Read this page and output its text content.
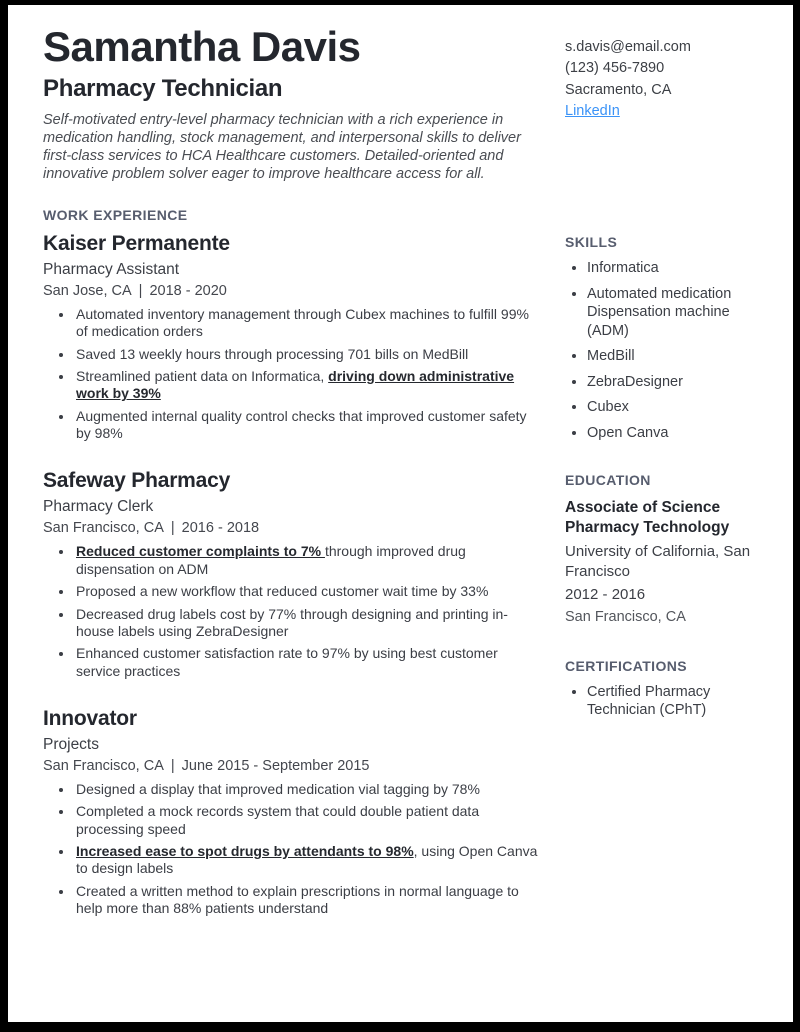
Samantha Davis
Pharmacy Technician
Self-motivated entry-level pharmacy technician with a rich experience in medication handling, stock management, and interpersonal skills to deliver first-class services to HCA Healthcare customers. Detailed-oriented and innovative problem solver eager to improve healthcare access for all.
WORK EXPERIENCE
Kaiser Permanente
Pharmacy Assistant
San Jose, CA | 2018 - 2020
• Automated inventory management through Cubex machines to fulfill 99% of medication orders
• Saved 13 weekly hours through processing 701 bills on MedBill
• Streamlined patient data on Informatica, driving down administrative work by 39%
• Augmented internal quality control checks that improved customer safety by 98%
Safeway Pharmacy
Pharmacy Clerk
San Francisco, CA | 2016 - 2018
• Reduced customer complaints to 7% through improved drug dispensation on ADM
• Proposed a new workflow that reduced customer wait time by 33%
• Decreased drug labels cost by 77% through designing and printing in-house labels using ZebraDesigner
• Enhanced customer satisfaction rate to 97% by using best customer service practices
Innovator
Projects
San Francisco, CA | June 2015 - September 2015
• Designed a display that improved medication vial tagging by 78%
• Completed a mock records system that could double patient data processing speed
• Increased ease to spot drugs by attendants to 98%, using Open Canva to design labels
• Created a written method to explain prescriptions in normal language to help more than 88% patients understand
s.davis@email.com
(123) 456-7890
Sacramento, CA
LinkedIn
SKILLS
• Informatica
• Automated medication Dispensation machine (ADM)
• MedBill
• ZebraDesigner
• Cubex
• Open Canva
EDUCATION
Associate of Science Pharmacy Technology
University of California, San Francisco
2012 - 2016
San Francisco, CA
CERTIFICATIONS
• Certified Pharmacy Technician (CPhT)
